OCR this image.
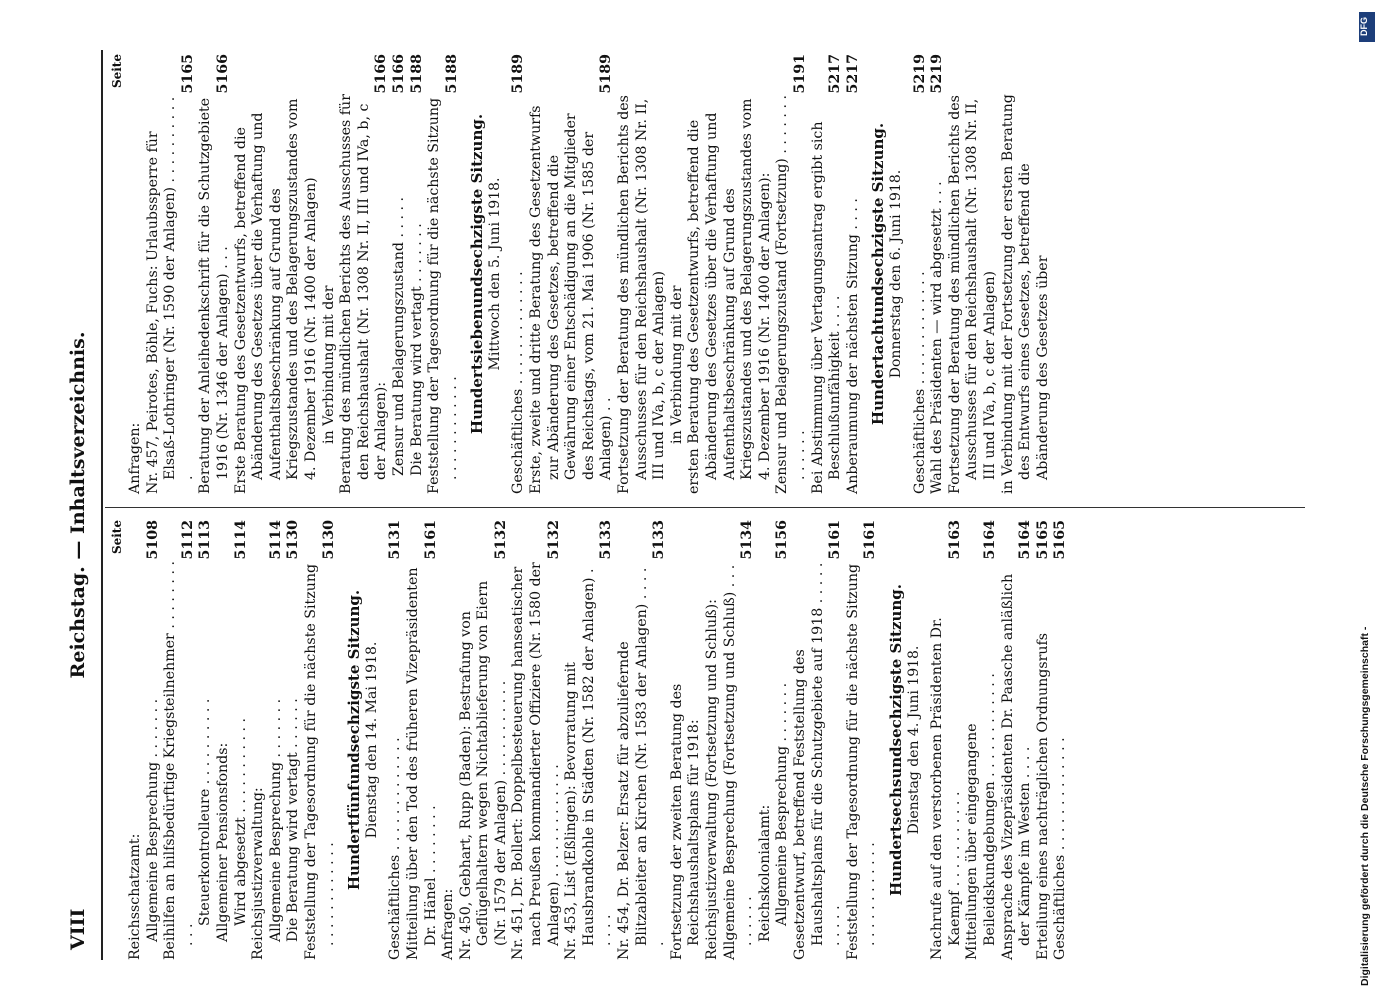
VIII
Reichstag. — Inhaltsverzeichnis. Seite
Reichsschatzamt: Allgemeine Besprechung . . . . . . .
5108
Beihilfen an hilfsbedürftige Kriegsteilnehmer . . . . . . . . . . .
5112
Steuerkontrolleure . . . . . . . . . .
5113
Allgemeiner Pensionsfonds: Wird abgesetzt . . . . . . . . . . .
5114
Reichsjustizverwaltung: Allgemeine Besprechung . . . . . . .
5114
Die Beratung wird vertagt . . . . . .
5130
Feststellung der Tagesordnung für die nächste Sitzung . . . . . . . . . . . .
5130
Hundertfünfundsechzigste Sitzung. Dienstag den 14. Mai 1918. Geschäftliches . . . . . . . . . . . . .
5131
Mitteilung über den Tod des früheren Vizepräsidenten Dr. Hänel . . . . . . . .
5161
Anfragen: Nr. 450, Gebhart, Rupp (Baden): Bestrafung von Geflügelhaltern wegen Nichtablieferung von Eiern (Nr. 1579 der Anlagen) . . . . . . . . . . .
5132
Nr. 451, Dr. Bollert: Doppelbesteuerung hanseatischer nach Preußen kommandierter Offiziere (Nr. 1580 der Anlagen) . . . . . . . . . . . . .
5132
Nr. 453, List (Eßlingen): Bevorratung mit Hausbrandkohle in Städten (Nr. 1582 der Anlagen) . . . . .
5133
Nr. 454, Dr. Belzer: Ersatz für abzuliefernde Blitzableiter an Kirchen (Nr. 1583 der Anlagen) . . . . .
5133
Fortsetzung der zweiten Beratung des Reichshaushaltsplans für 1918: Reichsjustizverwaltung (Fortsetzung und Schluß): Allgemeine Besprechung (Fortsetzung und Schluß) . . . . . . . . .
5134
Reichskolonialamt: Allgemeine Besprechung . . . . . . .
5156
Gesetzentwurf, betreffend Feststellung des Haushaltsplans für die Schutzgebiete auf 1918 . . . . . . . . . .
5161
Feststellung der Tagesordnung für die nächste Sitzung . . . . . . . . . . . .
5161
Hundertsechsundsechzigste Sitzung. Dienstag den 4. Juni 1918. Nachrufe auf den verstorbenen Präsidenten Dr. Kaempf . . . . . . . . . . .
5163
Mitteilungen über eingegangene Beileidskundgebungen . . . . . . . . . . . .
5164
Ansprache des Vizepräsidenten Dr. Paasche anläßlich der Kämpfe im Westen . . . .
5164
Erteilung eines nachträglichen Ordnungsrufs
5165
Geschäftliches . . . . . . . . . . . . .
5165
Seite
Anfragen: Nr. 457, Peirotes, Böhle, Fuchs: Urlaubssperre für Elsaß-Lothringer (Nr. 1590 der Anlagen) . . . . . . . . . . .
5165
Beratung der Anleihedenkschrift für die Schutzgebiete 1916 (Nr. 1346 der Anlagen) . . .
5166
Erste Beratung des Gesetzentwurfs, betreffend die Abänderung des Gesetzes über die Verhaftung und Aufenthaltsbeschränkung auf Grund des Kriegszustandes und des Belagerungszustandes vom 4. Dezember 1916 (Nr. 1400 der Anlagen) in Verbindung mit der Beratung des mündlichen Berichts des Ausschusses für den Reichshaushalt (Nr. 1308 Nr. II, III und IVa, b, c der Anlagen):
5166
Zensur und Belagerungszustand . . . . .
5166
Die Beratung wird vertagt . . . . . . .
5188
Feststellung der Tagesordnung für die nächste Sitzung . . . . . . . . . . . .
5188
Hundertsiebenundsechzigste Sitzung. Mittwoch den 5. Juni 1918. Geschäftliches . . . . . . . . . . . . .
5189
Erste, zweite und dritte Beratung des Gesetzentwurfs zur Abänderung des Gesetzes, betreffend die Gewährung einer Entschädigung an die Mitglieder des Reichstags, vom 21. Mai 1906 (Nr. 1585 der Anlagen) . .
5189
Fortsetzung der Beratung des mündlichen Berichts des Ausschusses für den Reichshaushalt (Nr. 1308 Nr. II, III und IVa, b, c der Anlagen) in Verbindung mit der ersten Beratung des Gesetzentwurfs, betreffend die Abänderung des Gesetzes über die Verhaftung und Aufenthaltsbeschränkung auf Grund des Kriegszustandes und des Belagerungszustandes vom 4. Dezember 1916 (Nr. 1400 der Anlagen): Zensur und Belagerungszustand (Fortsetzung) . . . . . . . . . . . . .
5191
Bei Abstimmung über Vertagungsantrag ergibt sich Beschlußunfähigkeit . . . .
5217
Anberaumung der nächsten Sitzung . . . .
5217
Hundertachtundsechzigste Sitzung. Donnerstag den 6. Juni 1918. Geschäftliches . . . . . . . . . . . . .
5219
Wahl des Präsidenten — wird abgesetzt . . .
5219
Fortsetzung der Beratung des mündlichen Berichts des Ausschusses für den Reichshaushalt (Nr. 1308 Nr. II, III und IVa, b, c der Anlagen) in Verbindung mit der Fortsetzung der ersten Beratung des Entwurfs eines Gesetzes, betreffend die Abänderung des Gesetzes über
DFG
Digitalisierung gefördert durch die Deutsche Forschungsgemeinschaft -
